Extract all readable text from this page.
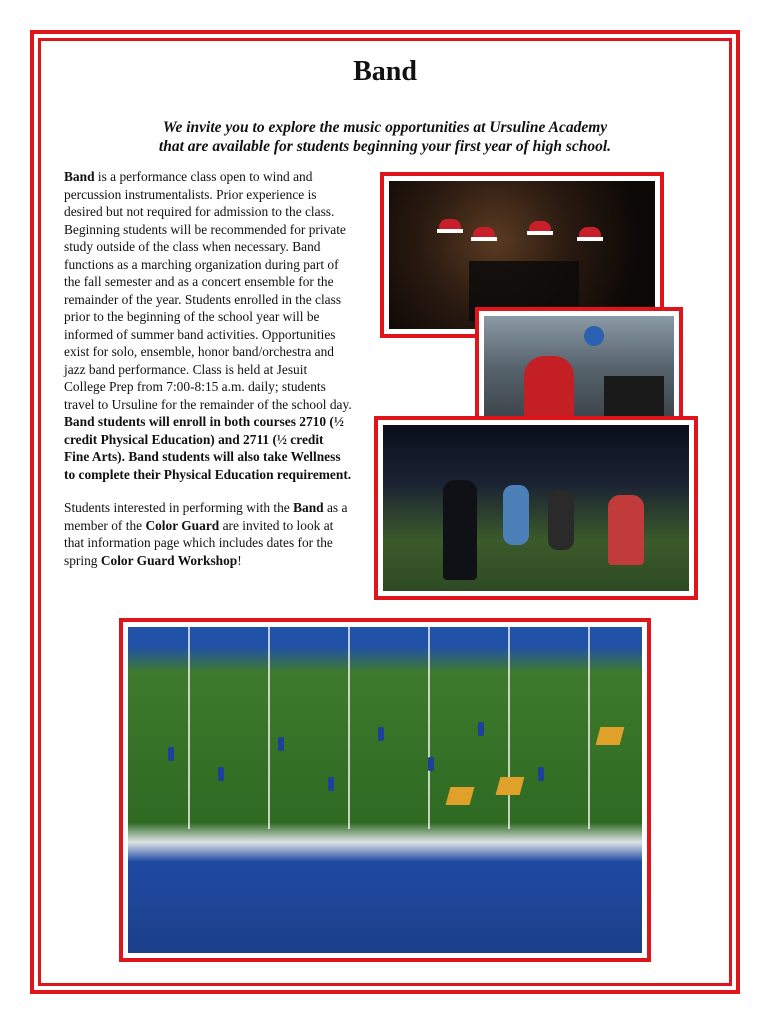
Band
We invite you to explore the music opportunities at Ursuline Academy
that are available for students beginning your first year of high school.

Band is a performance class open to wind and percussion instrumentalists. Prior experience is desired but not required for admission to the class. Beginning students will be recommended for private study outside of the class when necessary. Band functions as a marching organization during part of the fall semester and as a concert ensemble for the remainder of the year. Students enrolled in the class prior to the beginning of the school year will be informed of summer band activities. Opportunities exist for solo, ensemble, honor band/orchestra and jazz band performance. Class is held at Jesuit College Prep from 7:00-8:15 a.m. daily; students travel to Ursuline for the remainder of the school day. Band students will enroll in both courses 2710 (½ credit Physical Education) and 2711 (½ credit Fine Arts). Band students will also take Wellness to complete their Physical Education requirement.

Students interested in performing with the Band as a member of the Color Guard are invited to look at that information page which includes dates for the spring Color Guard Workshop!
